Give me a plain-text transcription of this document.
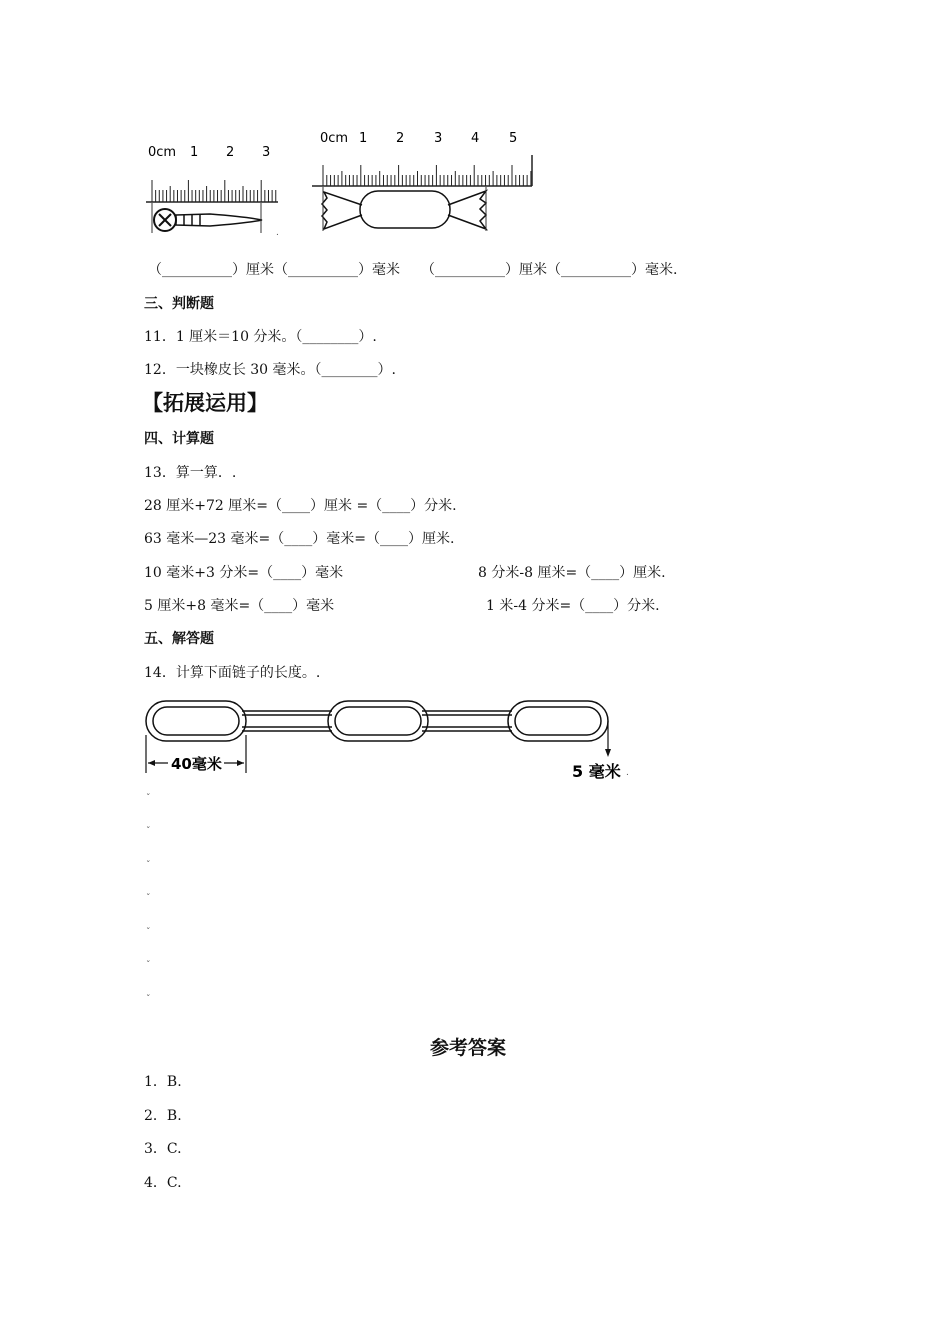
0cm 1 2 3
.
0cm 1 2 3 4 5
（__________）厘米（__________）毫米　　（__________）厘米（__________）毫米.
三、判断题
11．1 厘米＝10 分米。（________）.
12．一块橡皮长 30 毫米。（________）.
【拓展运用】
四、计算题
13．算一算．.
28 厘米+72 厘米=（____）厘米 =（____）分米.
63 毫米—23 毫米=（____）毫米=（____）厘米.
10 毫米+3 分米=（____）毫米	8 分米-8 厘米=（____）厘米.
5 厘米+8 毫米=（____）毫米	1 米-4 分米=（____）分米.
五、解答题
14．计算下面链子的长度。.
40毫米	5 毫米 .
ˇ
ˇ
ˇ
ˇ
ˇ
ˇ
ˇ
参考答案
1．B.
2．B.
3．C.
4．C.
